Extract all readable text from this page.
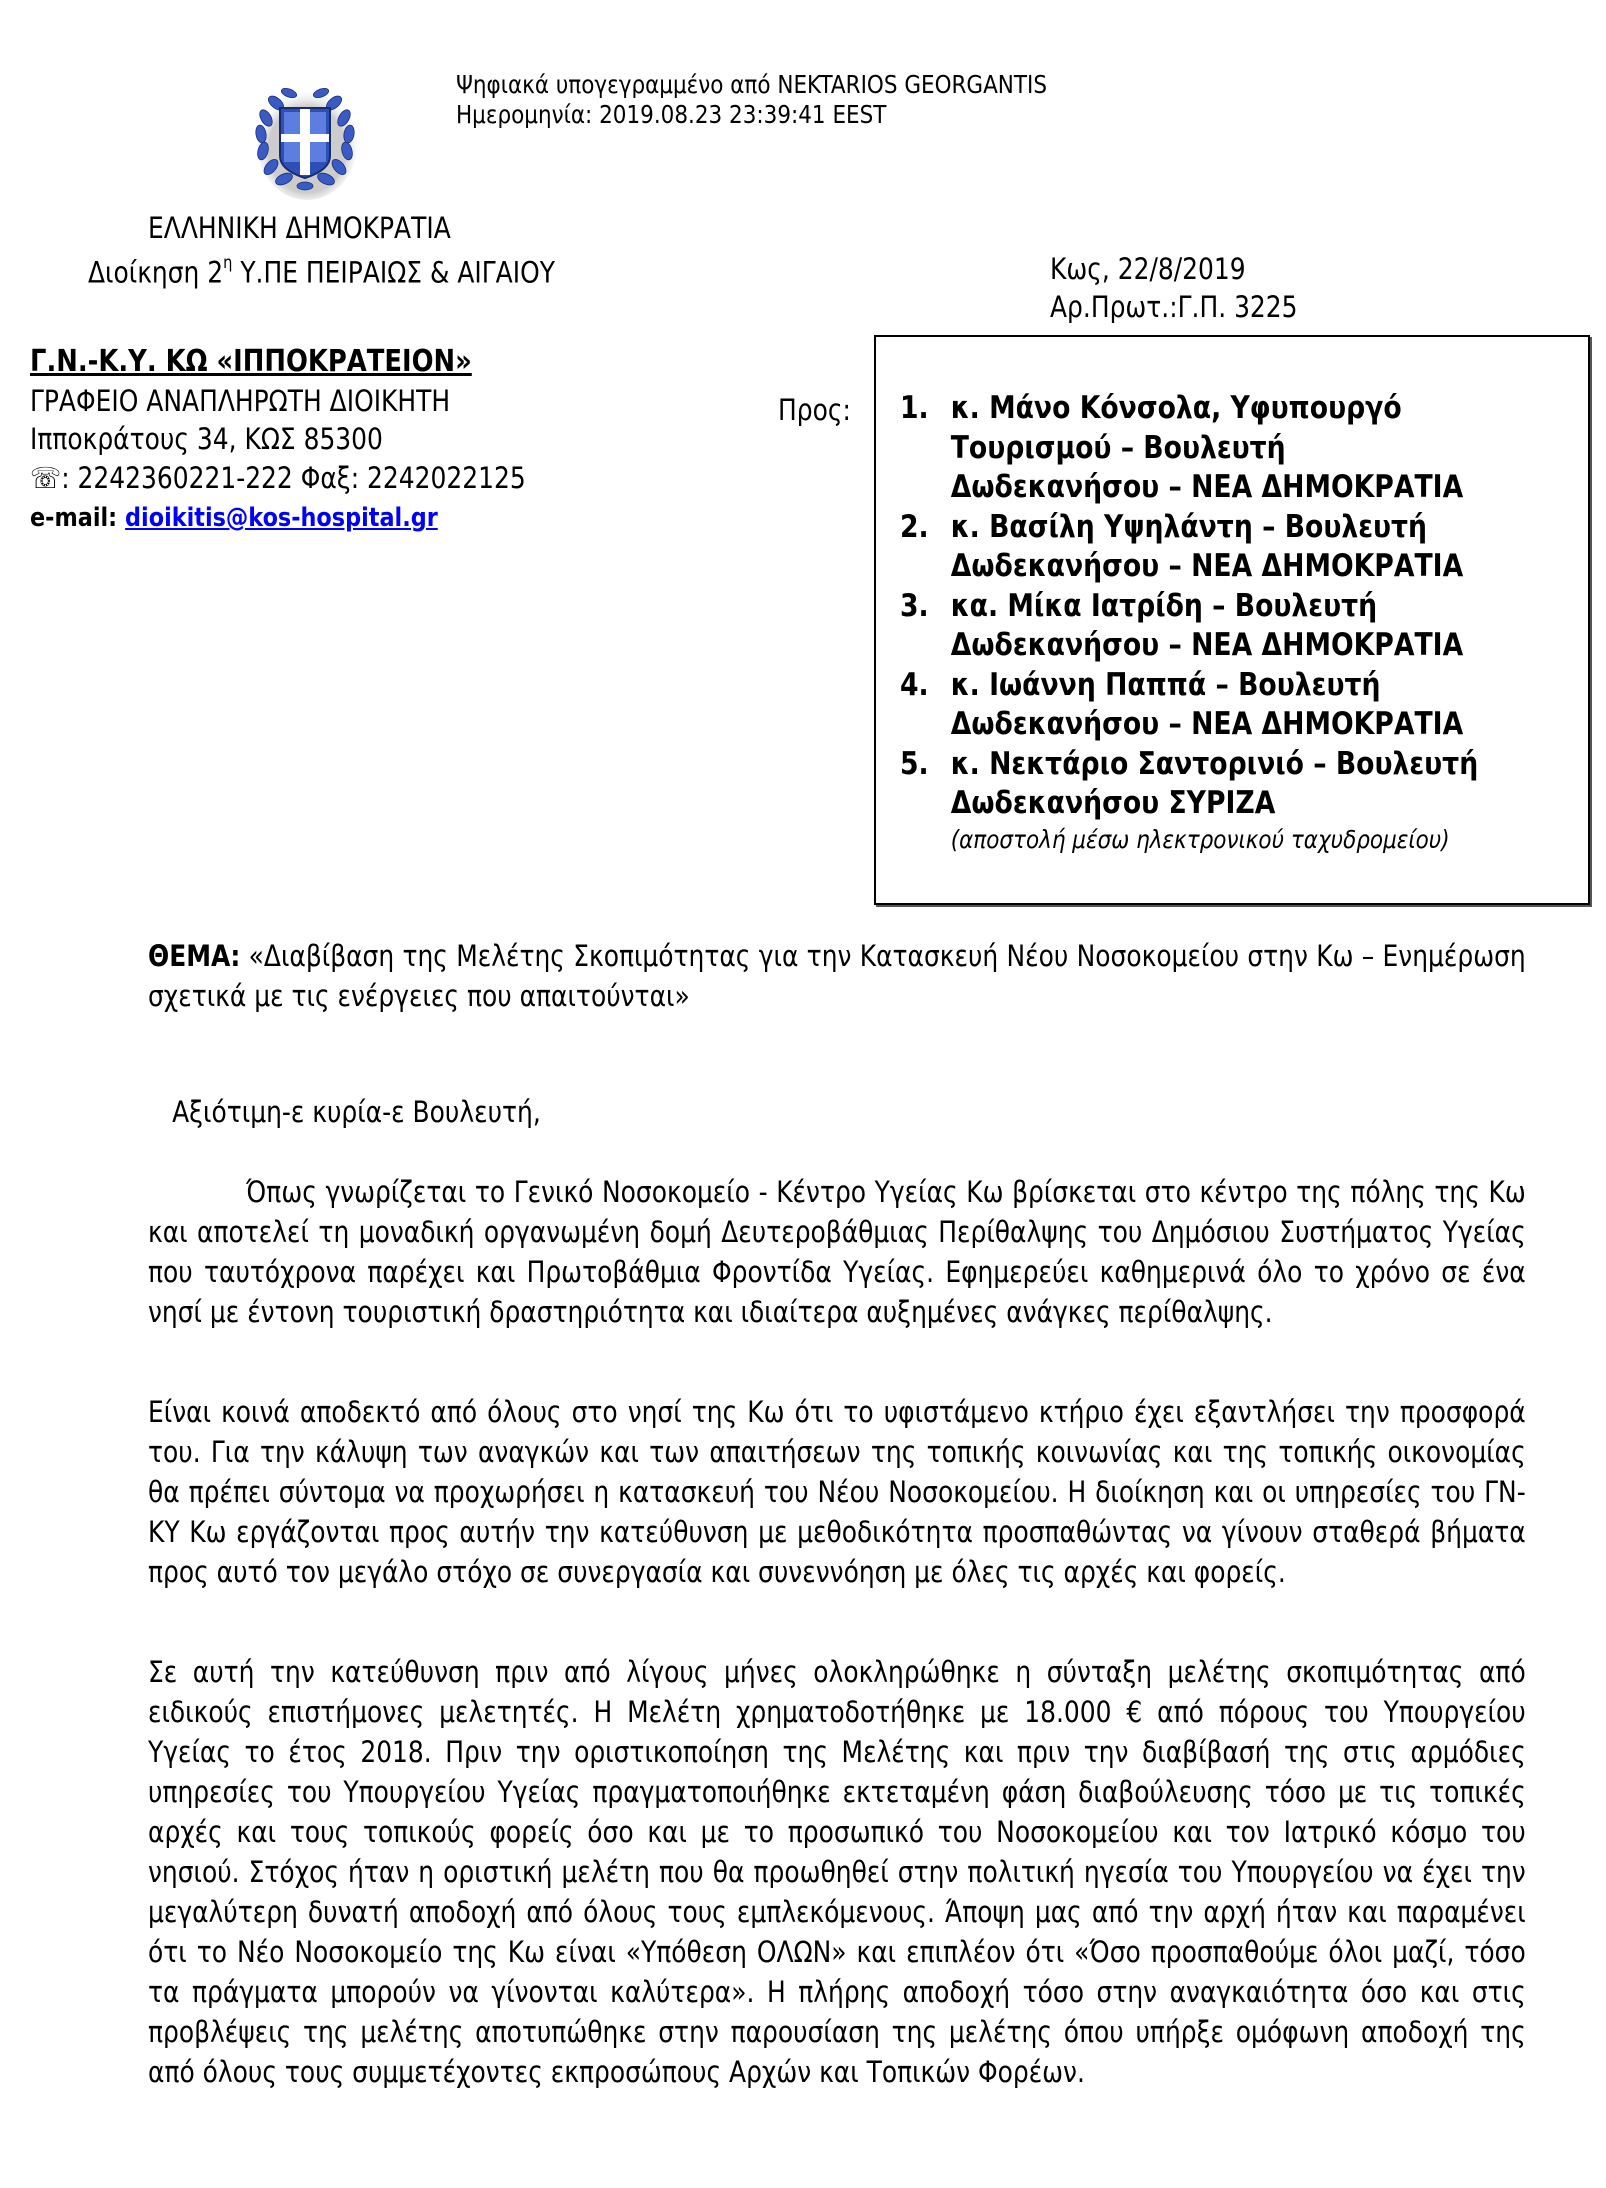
Ψηφιακά υπογεγραμμένο από NEKTARIOS GEORGANTIS
Ημερομηνία: 2019.08.23 23:39:41 EEST
ΕΛΛΗΝΙΚΗ ΔΗΜΟΚΡΑΤΙΑ
Διοίκηση $2^\eta$ Υ.ΠΕ ΠΕΙΡΑΙΩΣ & ΑΙΓΑΙΟΥ	Κως, 22/8/2019
Αρ.Πρωτ.:Γ.Π. 3225
Γ.Ν.-Κ.Υ. ΚΩ «ΙΠΠΟΚΡΑΤΕΙΟΝ»
ΓΡΑΦΕΙΟ ΑΝΑΠΛΗΡΩΤΗ ΔΙΟΙΚΗΤΗ
Ιπποκράτους 34, ΚΩΣ 85300
☏: 2242360221-222 Φαξ: 2242022125
e-mail: dioikitis@kos-hospital.gr
Προς: 1. κ. Μάνο Κόνσολα, Υφυπουργό
Τουρισμού – Βουλευτή
Δωδεκανήσου – ΝΕΑ ΔΗΜΟΚΡΑΤΙΑ
2. κ. Βασίλη Υψηλάντη – Βουλευτή
Δωδεκανήσου – ΝΕΑ ΔΗΜΟΚΡΑΤΙΑ
3. κα. Μίκα Ιατρίδη – Βουλευτή
Δωδεκανήσου – ΝΕΑ ΔΗΜΟΚΡΑΤΙΑ
4. κ. Ιωάννη Παππά – Βουλευτή
Δωδεκανήσου – ΝΕΑ ΔΗΜΟΚΡΑΤΙΑ
5. κ. Νεκτάριο Σαντορινιό – Βουλευτή
Δωδεκανήσου ΣΥΡΙΖΑ
(αποστολή μέσω ηλεκτρονικού ταχυδρομείου)
ΘΕΜΑ: «Διαβίβαση της Μελέτης Σκοπιμότητας για την Κατασκευή Νέου Νοσοκομείου στην Κω – Ενημέρωση σχετικά με τις ενέργειες που απαιτούνται»
Αξιότιμη-ε κυρία-ε Βουλευτή,
Όπως γνωρίζεται το Γενικό Νοσοκομείο - Κέντρο Υγείας Κω βρίσκεται στο κέντρο της πόλης της Κω και αποτελεί τη μοναδική οργανωμένη δομή Δευτεροβάθμιας Περίθαλψης του Δημόσιου Συστήματος Υγείας που ταυτόχρονα παρέχει και Πρωτοβάθμια Φροντίδα Υγείας. Εφημερεύει καθημερινά όλο το χρόνο σε ένα νησί με έντονη τουριστική δραστηριότητα και ιδιαίτερα αυξημένες ανάγκες περίθαλψης.
Είναι κοινά αποδεκτό από όλους στο νησί της Κω ότι το υφιστάμενο κτήριο έχει εξαντλήσει την προσφορά του. Για την κάλυψη των αναγκών και των απαιτήσεων της τοπικής κοινωνίας και της τοπικής οικονομίας θα πρέπει σύντομα να προχωρήσει η κατασκευή του Νέου Νοσοκομείου. Η διοίκηση και οι υπηρεσίες του ΓΝ-ΚΥ Κω εργάζονται προς αυτήν την κατεύθυνση με μεθοδικότητα προσπαθώντας να γίνουν σταθερά βήματα προς αυτό τον μεγάλο στόχο σε συνεργασία και συνεννόηση με όλες τις αρχές και φορείς.
Σε αυτή την κατεύθυνση πριν από λίγους μήνες ολοκληρώθηκε η σύνταξη μελέτης σκοπιμότητας από ειδικούς επιστήμονες μελετητές. Η Μελέτη χρηματοδοτήθηκε με 18.000 € από πόρους του Υπουργείου Υγείας το έτος 2018. Πριν την οριστικοποίηση της Μελέτης και πριν την διαβίβασή της στις αρμόδιες υπηρεσίες του Υπουργείου Υγείας πραγματοποιήθηκε εκτεταμένη φάση διαβούλευσης τόσο με τις τοπικές αρχές και τους τοπικούς φορείς όσο και με το προσωπικό του Νοσοκομείου και τον Ιατρικό κόσμο του νησιού. Στόχος ήταν η οριστική μελέτη που θα προωθηθεί στην πολιτική ηγεσία του Υπουργείου να έχει την μεγαλύτερη δυνατή αποδοχή από όλους τους εμπλεκόμενους. Άποψη μας από την αρχή ήταν και παραμένει ότι το Νέο Νοσοκομείο της Κω είναι «Υπόθεση ΟΛΩΝ» και επιπλέον ότι «Όσο προσπαθούμε όλοι μαζί, τόσο τα πράγματα μπορούν να γίνονται καλύτερα». Η πλήρης αποδοχή τόσο στην αναγκαιότητα όσο και στις προβλέψεις της μελέτης αποτυπώθηκε στην παρουσίαση της μελέτης όπου υπήρξε ομόφωνη αποδοχή της από όλους τους συμμετέχοντες εκπροσώπους Αρχών και Τοπικών Φορέων.
